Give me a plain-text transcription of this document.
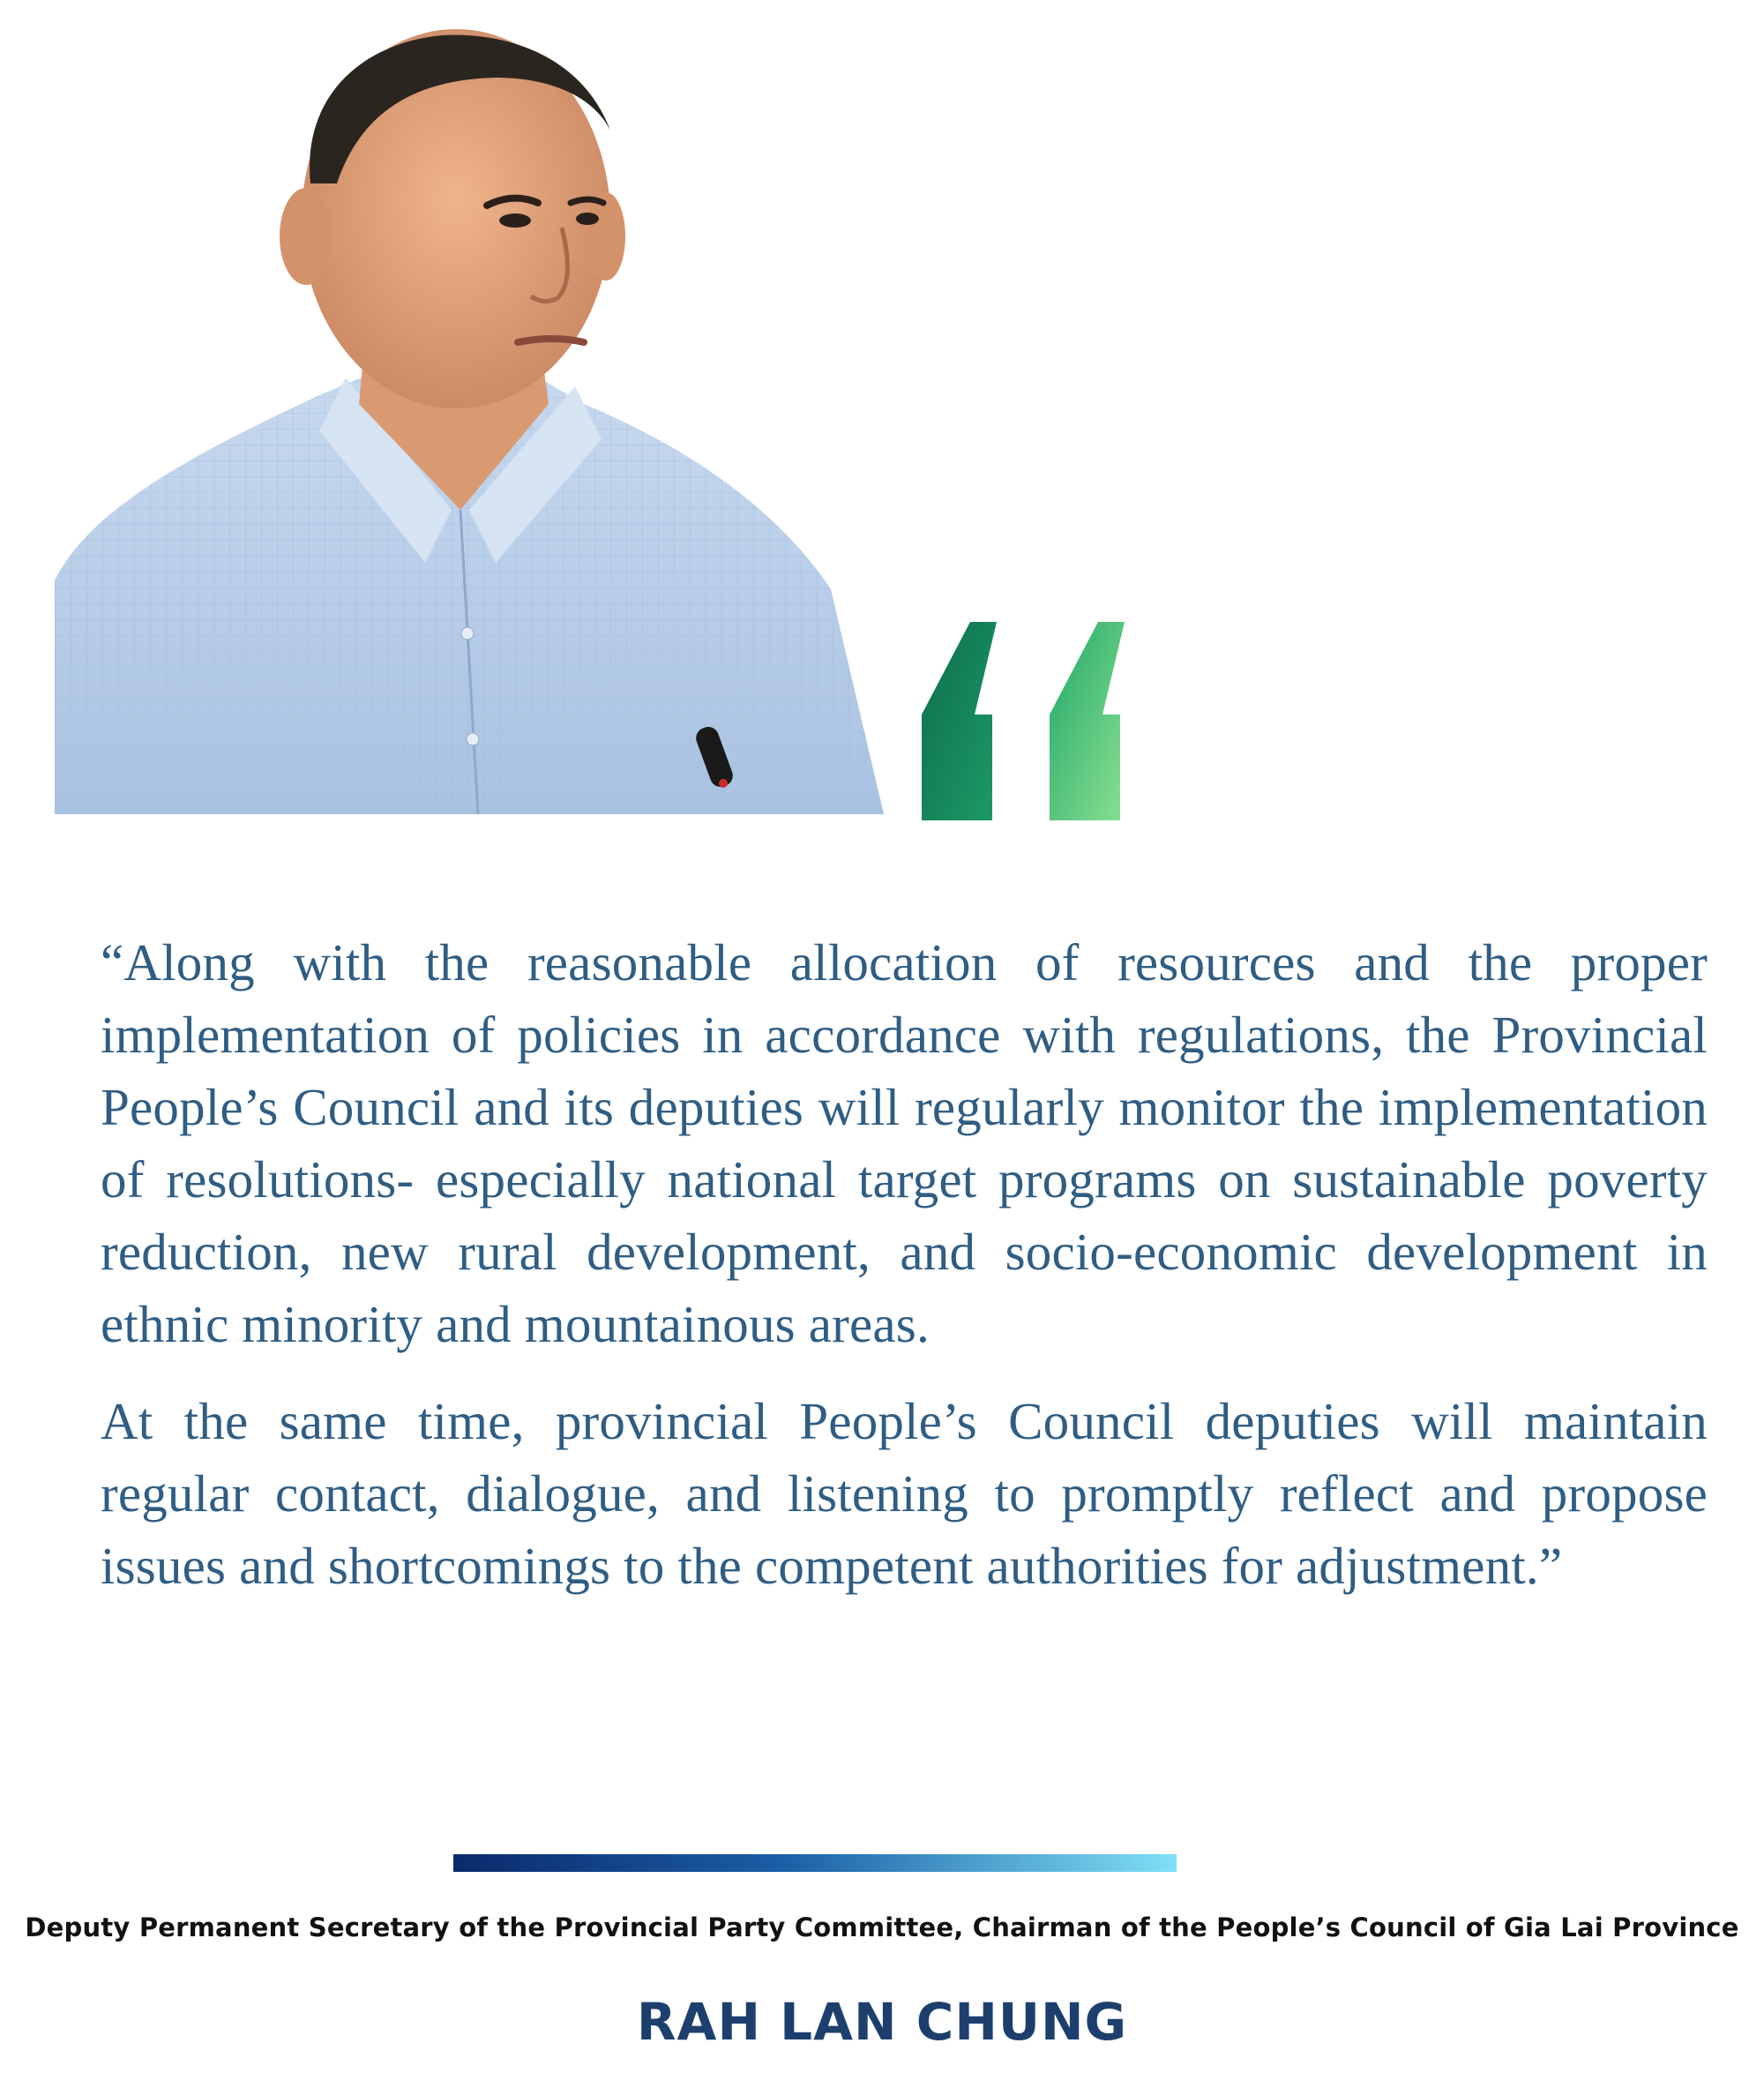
“Along with the reasonable allocation of resources and the proper implementation of policies in accordance with regulations, the Provincial People’s Council and its deputies will regularly monitor the implementation of resolutions- especially national target programs on sustainable poverty reduction, new rural development, and socio-economic development in ethnic minority and mountainous areas.

At the same time, provincial People’s Council deputies will maintain regular contact, dialogue, and listening to promptly reflect and propose issues and shortcomings to the competent authorities for adjustment.”

Deputy Permanent Secretary of the Provincial Party Committee, Chairman of the People’s Council of Gia Lai Province
RAH LAN CHUNG
